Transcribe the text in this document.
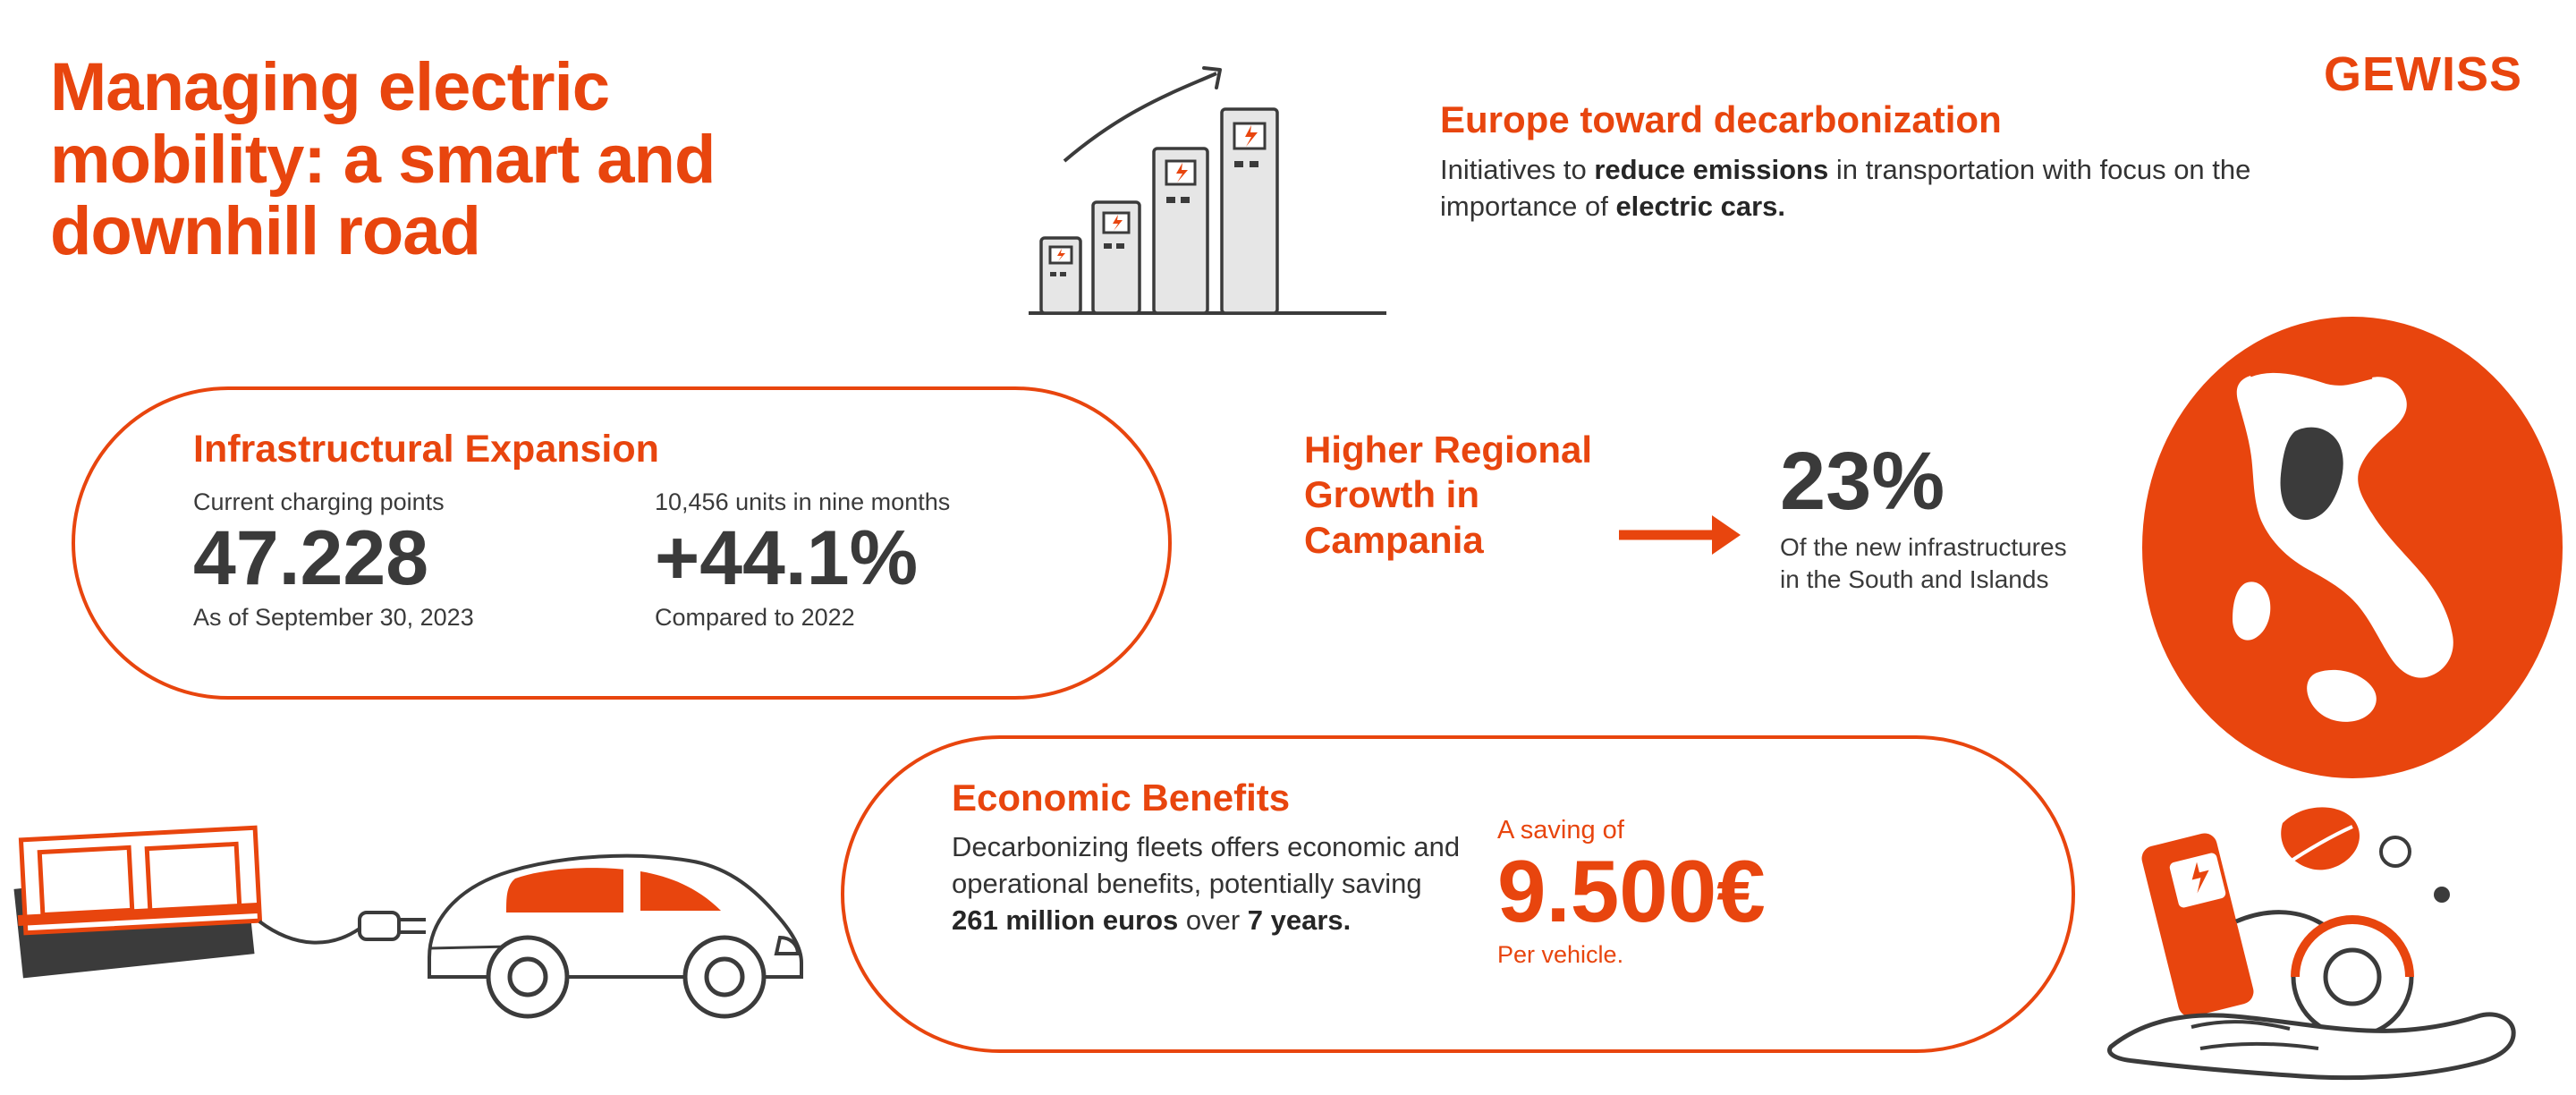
Managing electric mobility: a smart and downhill road
GEWISS
Europe toward decarbonization
Initiatives to reduce emissions in transportation with focus on the importance of electric cars.
Infrastructural Expansion
Current charging points
47.228
As of September 30, 2023
10,456 units in nine months
+44.1%
Compared to 2022
Higher Regional Growth in Campania
23%
Of the new infrastructures in the South and Islands
Economic Benefits
Decarbonizing fleets offers economic and operational benefits, potentially saving 261 million euros over 7 years.
A saving of
9.500€
Per vehicle.
